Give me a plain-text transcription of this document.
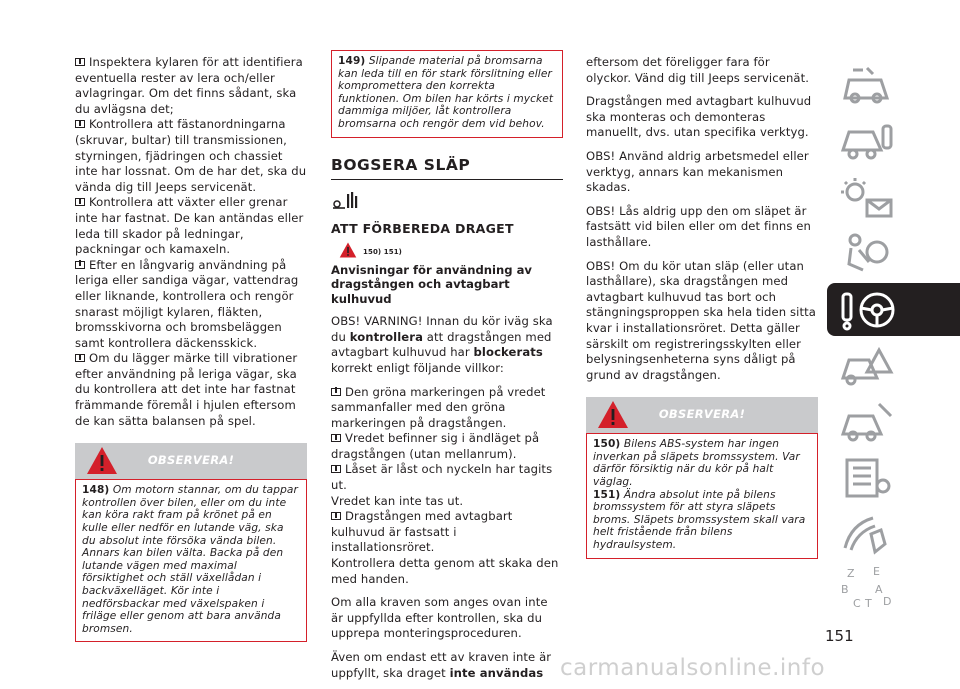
Inspektera kylaren för att identifiera eventuella rester av lera och/eller avlagringar. Om det finns sådant, ska du avlägsna det;
Kontrollera att fästanordningarna (skruvar, bultar) till transmissionen, styrningen, fjädringen och chassiet inte har lossnat. Om de har det, ska du vända dig till Jeeps servicenät.
Kontrollera att växter eller grenar inte har fastnat. De kan antändas eller leda till skador på ledningar, packningar och kamaxeln.
Efter en långvarig användning på leriga eller sandiga vägar, vattendrag eller liknande, kontrollera och rengör snarast möjligt kylaren, fläkten, bromsskivorna och bromsbeläggen samt kontrollera däckensskick.
Om du lägger märke till vibrationer efter användning på leriga vägar, ska du kontrollera att det inte har fastnat främmande föremål i hjulen eftersom de kan sätta balansen på spel.
OBSERVERA!
148) Om motorn stannar, om du tappar kontrollen över bilen, eller om du inte kan köra rakt fram på krönet på en kulle eller nedför en lutande väg, ska du absolut inte försöka vända bilen. Annars kan bilen välta. Backa på den lutande vägen med maximal försiktighet och ställ växellådan i backväxelläget. Kör inte i nedförsbackar med växelspaken i friläge eller genom att bara använda bromsen.
149) Slipande material på bromsarna kan leda till en för stark förslitning eller kompromettera den korrekta funktionen. Om bilen har körts i mycket dammiga miljöer, låt kontrollera bromsarna och rengör dem vid behov.

BOGSERA SLÄP

ATT FÖRBEREDA DRAGET

150) 151)

Anvisningar för användning av dragstången och avtagbart kulhuvud

OBS! VARNING! Innan du kör iväg ska du kontrollera att dragstången med avtagbart kulhuvud har blockerats korrekt enligt följande villkor:

Den gröna markeringen på vredet sammanfaller med den gröna markeringen på dragstången.
Vredet befinner sig i ändläget på dragstången (utan mellanrum).
Låset är låst och nyckeln har tagits ut.
Vredet kan inte tas ut.
Dragstången med avtagbart kulhuvud är fastsatt i installationsröret.
Kontrollera detta genom att skaka den med handen.

Om alla kraven som anges ovan inte är uppfyllda efter kontrollen, ska du upprepa monteringsproceduren.

Även om endast ett av kraven inte är uppfyllt, ska draget inte användas

eftersom det föreligger fara för olyckor. Vänd dig till Jeeps servicenät.

Dragstången med avtagbart kulhuvud ska monteras och demonteras manuellt, dvs. utan specifika verktyg.

OBS! Använd aldrig arbetsmedel eller verktyg, annars kan mekanismen skadas.

OBS! Lås aldrig upp den om släpet är fastsätt vid bilen eller om det finns en lasthållare.

OBS! Om du kör utan släp (eller utan lasthållare), ska dragstången med avtagbart kulhuvud tas bort och stängningsproppen ska hela tiden sitta kvar i installationsröret. Detta gäller särskilt om registreringsskylten eller belysningsenheterna syns dåligt på grund av dragstången.

OBSERVERA!
150) Bilens ABS-system har ingen inverkan på släpets bromssystem. Var därför försiktig när du kör på halt väglag.
151) Ändra absolut inte på bilens bromssystem för att styra släpets broms. Släpets bromssystem skall vara helt fristående från bilens hydraulsystem.
Z E
B A
C T D
151
carmanualsonline.info
